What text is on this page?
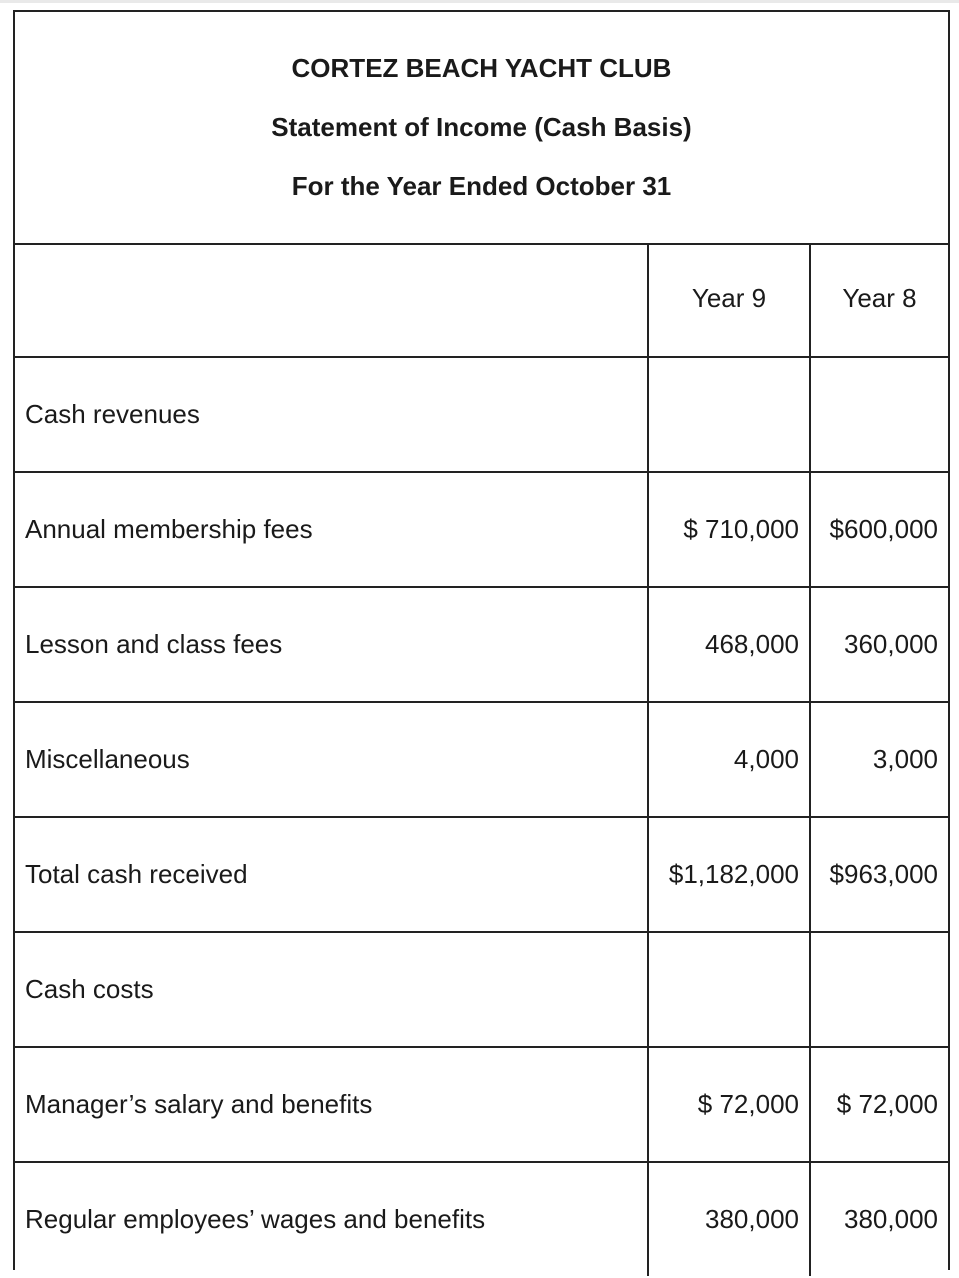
CORTEZ BEACH YACHT CLUB
Statement of Income (Cash Basis)
For the Year Ended October 31
Year 9	Year 8
Cash revenues
Annual membership fees	$ 710,000 $600,000
Lesson and class fees	468,000 360,000
Miscellaneous	4,000	3,000
Total cash received	$1,182,000 $963,000
Cash costs
Manager’s salary and benefits	$ 72,000 $ 72,000
Regular employees’ wages and benefits	380,000 380,000
